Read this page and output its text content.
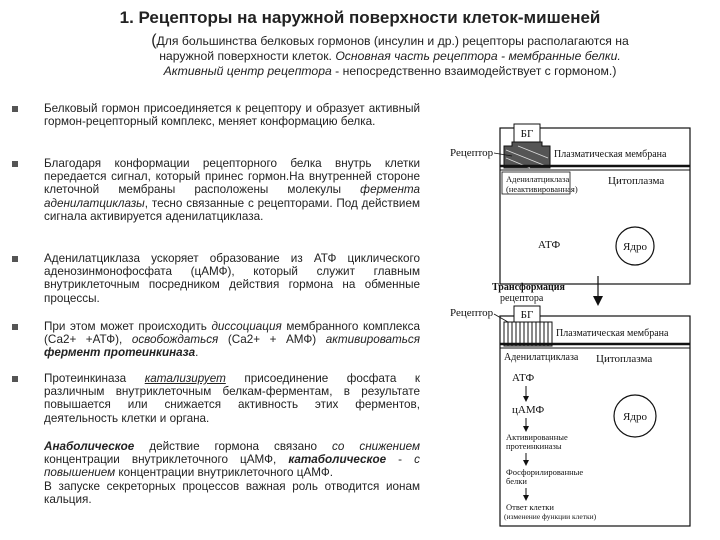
1. Рецепторы на наружной поверхности клеток-мишеней
(Для большинства белковых гормонов (инсулин и др.) рецепторы располагаются на
наружной поверхности клеток. Основная часть рецептора - мембранные белки.
Активный центр рецептора - непосредственно взаимодействует с гормоном.)
Белковый гормон присоединяется к рецептору и образует активный гормон-рецепторный комплекс, меняет конформацию белка.
Благодаря конформации рецепторного белка внутрь клетки передается сигнал, который принес гормон.На внутренней стороне клеточной мембраны расположены молекулы фермента аденилатциклазы, тесно связанные с рецепторами. Под действием сигнала активируется аденилатциклаза.
Аденилатциклаза ускоряет образование из АТФ циклического аденозинмонофосфата (цАМФ), который служит главным внутриклеточным посредником действия гормона на обменные процессы.
При этом может происходить диссоциация мембранного комплекса (Са2+ +АТФ), освобождаться (Са2+ + АМФ) активироваться фермент протеинкиназа.
Протеинкиназа катализирует присоединение фосфата к различным внутриклеточным белкам-ферментам, в результате повышается или снижается активность этих ферментов, деятельность клетки и органа.
Анаболическое действие гормона связано со снижением концентрации внутриклеточного цАМФ, катаболическое - с повышением концентрации внутриклеточного цАМФ.
В запуске секреторных процессов важная роль отводится ионам кальция.
БГ
Рецептор	Плазматическая мембрана
Цитоплазма
Аденилатциклаза
(неактивированная)
АТФ	Ядро
Трансформация
рецептора
БГ
Рецептор
Плазматическая мембрана
Аденилатциклаза Цитоплазма
АТФ
цАМФ
Активированные
протеинкиназы
Фосфорилированные
белки
Ответ клетки
(изменение функции клетки)
Ядро
